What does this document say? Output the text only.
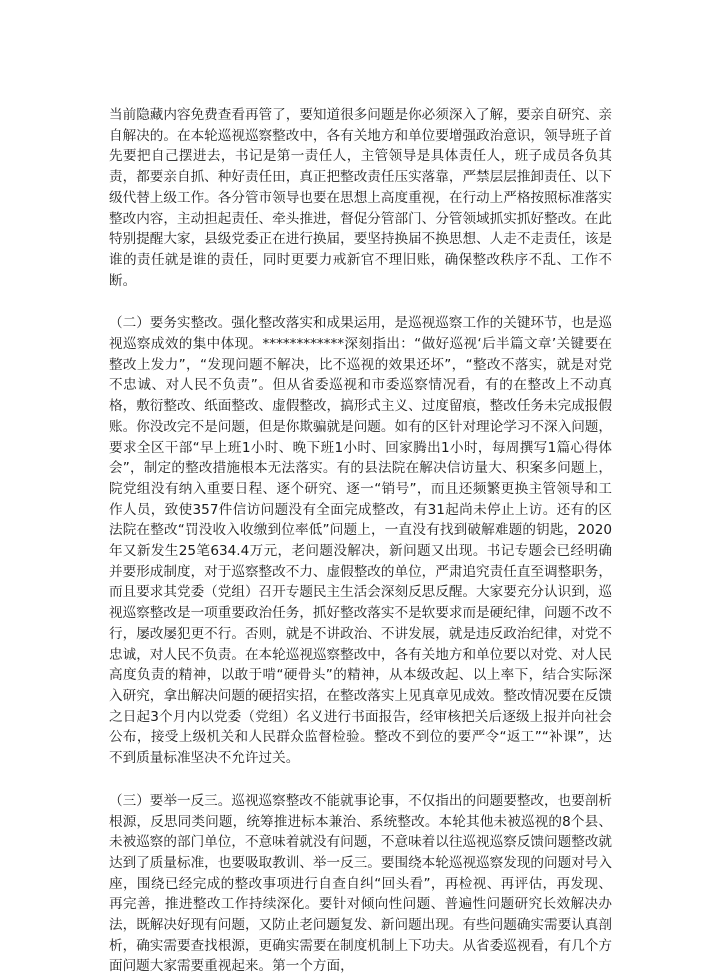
当前隐藏内容免费查看再管了，要知道很多问题是你必须深入了解，要亲自研究、亲自解决的。在本轮巡视巡察整改中，各有关地方和单位要增强政治意识，领导班子首先要把自己摆进去，书记是第一责任人，主管领导是具体责任人，班子成员各负其责，都要亲自抓、种好责任田，真正把整改责任压实落靠，严禁层层推卸责任、以下级代替上级工作。各分管市领导也要在思想上高度重视，在行动上严格按照标准落实整改内容，主动担起责任、牵头推进，督促分管部门、分管领域抓实抓好整改。在此特别提醒大家，县级党委正在进行换届，要坚持换届不换思想、人走不走责任，该是谁的责任就是谁的责任，同时更要力戒新官不理旧账，确保整改秩序不乱、工作不断。

（二）要务实整改。强化整改落实和成果运用，是巡视巡察工作的关键环节，也是巡视巡察成效的集中体现。************深刻指出：“做好巡视‘后半篇文章’关键要在整改上发力”，“发现问题不解决，比不巡视的效果还坏”，“整改不落实，就是对党不忠诚、对人民不负责”。但从省委巡视和市委巡察情况看，有的在整改上不动真格，敷衍整改、纸面整改、虚假整改，搞形式主义、过度留痕，整改任务未完成报假账。你没改完不是问题，但是你欺骗就是问题。如有的区针对理论学习不深入问题，要求全区干部“早上班1小时、晚下班1小时、回家腾出1小时，每周撰写1篇心得体会”，制定的整改措施根本无法落实。有的县法院在解决信访量大、积案多问题上，院党组没有纳入重要日程、逐个研究、逐一“销号”，而且还频繁更换主管领导和工作人员，致使357件信访问题没有全面完成整改，有31起尚未停止上访。还有的区法院在整改“罚没收入收缴到位率低”问题上，一直没有找到破解难题的钥匙，2020年又新发生25笔634.4万元，老问题没解决，新问题又出现。书记专题会已经明确并要形成制度，对于巡察整改不力、虚假整改的单位，严肃追究责任直至调整职务，而且要求其党委（党组）召开专题民主生活会深刻反思反醒。大家要充分认识到，巡视巡察整改是一项重要政治任务，抓好整改落实不是软要求而是硬纪律，问题不改不行，屡改屡犯更不行。否则，就是不讲政治、不讲发展，就是违反政治纪律，对党不忠诚，对人民不负责。在本轮巡视巡察整改中，各有关地方和单位要以对党、对人民高度负责的精神，以敢于啃“硬骨头”的精神，从本级改起、以上率下，结合实际深入研究，拿出解决问题的硬招实招，在整改落实上见真章见成效。整改情况要在反馈之日起3个月内以党委（党组）名义进行书面报告，经审核把关后逐级上报并向社会公布，接受上级机关和人民群众监督检验。整改不到位的要严令“返工”“补课”，达不到质量标准坚决不允许过关。

（三）要举一反三。巡视巡察整改不能就事论事，不仅指出的问题要整改，也要剖析根源，反思同类问题，统筹推进标本兼治、系统整改。本轮其他未被巡视的8个县、未被巡察的部门单位，不意味着就没有问题，不意味着以往巡视巡察反馈问题整改就达到了质量标准，也要吸取教训、举一反三。要围绕本轮巡视巡察发现的问题对号入座，围绕已经完成的整改事项进行自查自纠“回头看”，再检视、再评估，再发现、再完善，推进整改工作持续深化。要针对倾向性问题、普遍性问题研究长效解决办法，既解决好现有问题，又防止老问题复发、新问题出现。有些问题确实需要认真剖析，确实需要查找根源，更确实需要在制度机制上下功夫。从省委巡视看，有几个方面问题大家需要重视起来。第一个方面，
